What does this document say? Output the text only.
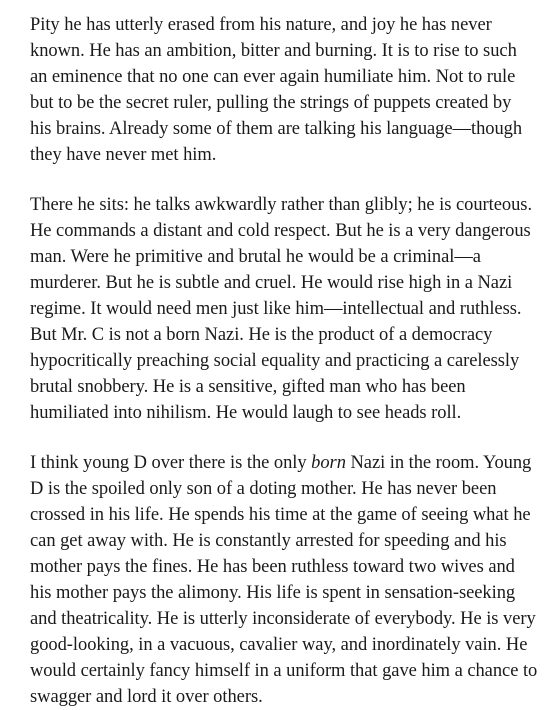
Pity he has utterly erased from his nature, and joy he has never
known. He has an ambition, bitter and burning. It is to rise to such
an eminence that no one can ever again humiliate him. Not to rule
but to be the secret ruler, pulling the strings of puppets created by
his brains. Already some of them are talking his language—though
they have never met him.
There he sits: he talks awkwardly rather than glibly; he is courteous.
He commands a distant and cold respect. But he is a very dangerous
man. Were he primitive and brutal he would be a criminal—a
murderer. But he is subtle and cruel. He would rise high in a Nazi
regime. It would need men just like him—intellectual and ruthless.
But Mr. C is not a born Nazi. He is the product of a democracy
hypocritically preaching social equality and practicing a carelessly
brutal snobbery. He is a sensitive, gifted man who has been
humiliated into nihilism. He would laugh to see heads roll.
I think young D over there is the only born Nazi in the room. Young
D is the spoiled only son of a doting mother. He has never been
crossed in his life. He spends his time at the game of seeing what he
can get away with. He is constantly arrested for speeding and his
mother pays the fines. He has been ruthless toward two wives and
his mother pays the alimony. His life is spent in sensation-seeking
and theatricality. He is utterly inconsiderate of everybody. He is very
good-looking, in a vacuous, cavalier way, and inordinately vain. He
would certainly fancy himself in a uniform that gave him a chance to
swagger and lord it over others.
